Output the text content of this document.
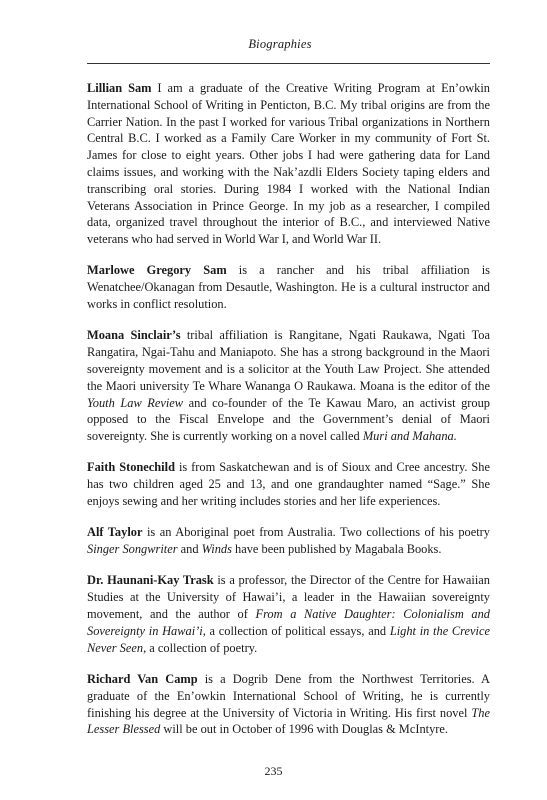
Biographies

Lillian Sam I am a graduate of the Creative Writing Program at En’owkin International School of Writing in Penticton, B.C. My tribal origins are from the Carrier Nation. In the past I worked for various Tribal organizations in Northern Central B.C. I worked as a Family Care Worker in my community of Fort St. James for close to eight years. Other jobs I had were gathering data for Land claims issues, and working with the Nak’azdli Elders Society taping elders and transcribing oral stories. During 1984 I worked with the National Indian Veterans Association in Prince George. In my job as a researcher, I compiled data, organized travel throughout the interior of B.C., and interviewed Native veterans who had served in World War I, and World War II.

Marlowe Gregory Sam is a rancher and his tribal affiliation is Wenatchee/Okanagan from Desautle, Washington. He is a cultural instructor and works in conflict resolution.

Moana Sinclair’s tribal affiliation is Rangitane, Ngati Raukawa, Ngati Toa Rangatira, Ngai-Tahu and Maniapoto. She has a strong background in the Maori sovereignty movement and is a solicitor at the Youth Law Project. She attended the Maori university Te Whare Wananga O Raukawa. Moana is the editor of the Youth Law Review and co-founder of the Te Kawau Maro, an activist group opposed to the Fiscal Envelope and the Government’s denial of Maori sovereignty. She is currently working on a novel called Muri and Mahana.

Faith Stonechild is from Saskatchewan and is of Sioux and Cree ancestry. She has two children aged 25 and 13, and one grandaughter named “Sage.” She enjoys sewing and her writing includes stories and her life experiences.

Alf Taylor is an Aboriginal poet from Australia. Two collections of his poetry Singer Songwriter and Winds have been published by Magabala Books.

Dr. Haunani-Kay Trask is a professor, the Director of the Centre for Hawaiian Studies at the University of Hawai’i, a leader in the Hawaiian sovereignty movement, and the author of From a Native Daughter: Colonialism and Sovereignty in Hawai’i, a collection of political essays, and Light in the Crevice Never Seen, a collection of poetry.

Richard Van Camp is a Dogrib Dene from the Northwest Territories. A graduate of the En’owkin International School of Writing, he is currently finishing his degree at the University of Victoria in Writing. His first novel The Lesser Blessed will be out in October of 1996 with Douglas & McIntyre.

235
